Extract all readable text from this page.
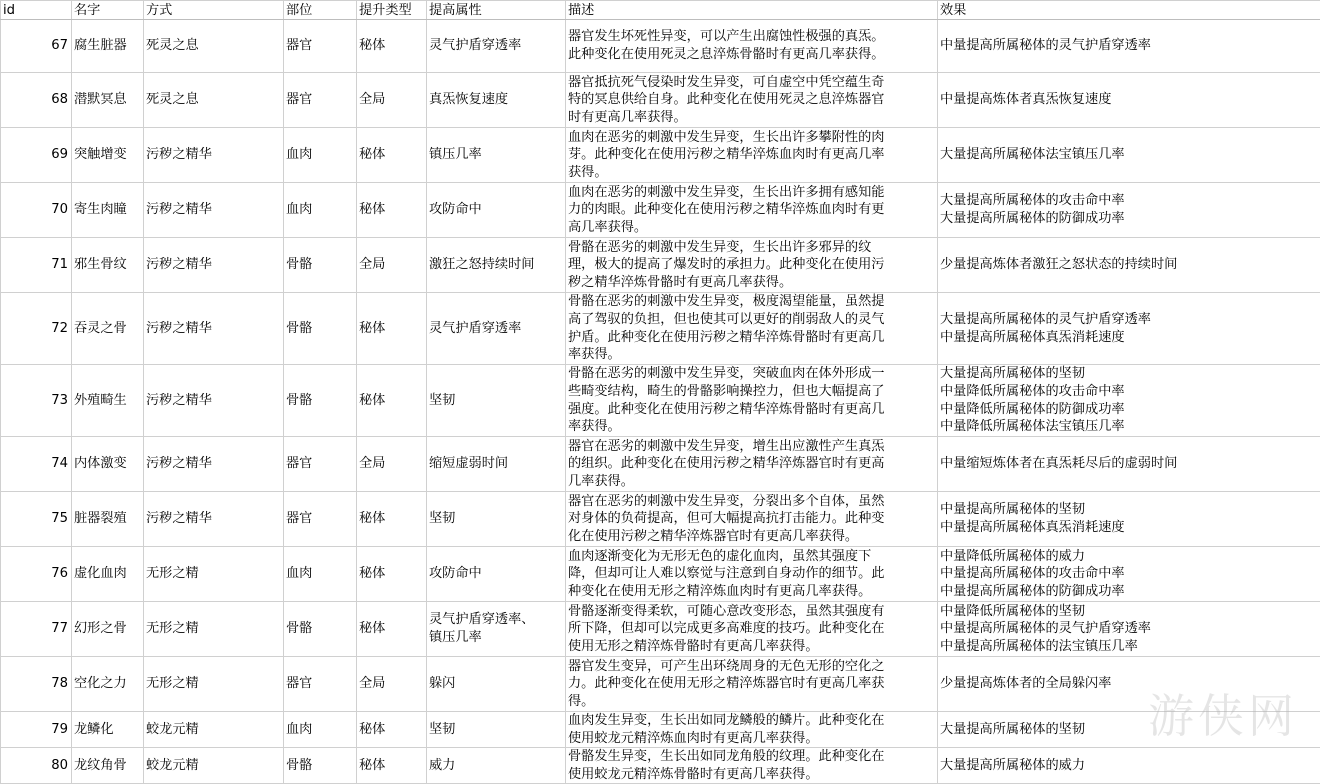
id	名字	方式	部位	提升类型	提高属性	描述	效果
67	腐生脏器	死灵之息	器官	秘体	灵气护盾穿透率	器官发生坏死性异变，可以产生出腐蚀性极强的真炁。
此种变化在使用死灵之息淬炼骨骼时有更高几率获得。	中量提高所属秘体的灵气护盾穿透率
68	潜默冥息	死灵之息	器官	全局	真炁恢复速度	器官抵抗死气侵染时发生异变，可自虚空中凭空蕴生奇
特的冥息供给自身。此种变化在使用死灵之息淬炼器官
时有更高几率获得。	中量提高炼体者真炁恢复速度
69	突触增变	污秽之精华	血肉	秘体	镇压几率	血肉在恶劣的刺激中发生异变，生长出许多攀附性的肉
芽。此种变化在使用污秽之精华淬炼血肉时有更高几率
获得。	大量提高所属秘体法宝镇压几率
70	寄生肉瞳	污秽之精华	血肉	秘体	攻防命中	血肉在恶劣的刺激中发生异变，生长出许多拥有感知能
力的肉眼。此种变化在使用污秽之精华淬炼血肉时有更
高几率获得。	大量提高所属秘体的攻击命中率
大量提高所属秘体的防御成功率
71	邪生骨纹	污秽之精华	骨骼	全局	激狂之怒持续时间	骨骼在恶劣的刺激中发生异变，生长出许多邪异的纹
理，极大的提高了爆发时的承担力。此种变化在使用污
秽之精华淬炼骨骼时有更高几率获得。	少量提高炼体者激狂之怒状态的持续时间
72	吞灵之骨	污秽之精华	骨骼	秘体	灵气护盾穿透率	骨骼在恶劣的刺激中发生异变，极度渴望能量，虽然提
高了驾驭的负担，但也使其可以更好的削弱敌人的灵气
护盾。此种变化在使用污秽之精华淬炼骨骼时有更高几
率获得。	大量提高所属秘体的灵气护盾穿透率
中量提高所属秘体真炁消耗速度
73	外殖畸生	污秽之精华	骨骼	秘体	坚韧	骨骼在恶劣的刺激中发生异变，突破血肉在体外形成一
些畸变结构，畸生的骨骼影响操控力，但也大幅提高了
强度。此种变化在使用污秽之精华淬炼骨骼时有更高几
率获得。	大量提高所属秘体的坚韧
中量降低所属秘体的攻击命中率
中量降低所属秘体的防御成功率
中量降低所属秘体法宝镇压几率
74	内体激变	污秽之精华	器官	全局	缩短虚弱时间	器官在恶劣的刺激中发生异变，增生出应激性产生真炁
的组织。此种变化在使用污秽之精华淬炼器官时有更高
几率获得。	中量缩短炼体者在真炁耗尽后的虚弱时间
75	脏器裂殖	污秽之精华	器官	秘体	坚韧	器官在恶劣的刺激中发生异变，分裂出多个自体，虽然
对身体的负荷提高，但可大幅提高抗打击能力。此种变
化在使用污秽之精华淬炼器官时有更高几率获得。	中量提高所属秘体的坚韧
中量提高所属秘体真炁消耗速度
76	虚化血肉	无形之精	血肉	秘体	攻防命中	血肉逐渐变化为无形无色的虚化血肉，虽然其强度下
降，但却可让人难以察觉与注意到自身动作的细节。此
种变化在使用无形之精淬炼血肉时有更高几率获得。	中量降低所属秘体的威力
中量提高所属秘体的攻击命中率
中量提高所属秘体的防御成功率
77	幻形之骨	无形之精	骨骼	秘体	灵气护盾穿透率、
镇压几率	骨骼逐渐变得柔软，可随心意改变形态，虽然其强度有
所下降，但却可以完成更多高难度的技巧。此种变化在
使用无形之精淬炼骨骼时有更高几率获得。	中量降低所属秘体的坚韧
中量提高所属秘体的灵气护盾穿透率
中量提高所属秘体的法宝镇压几率
78	空化之力	无形之精	器官	全局	躲闪	器官发生变异，可产生出环绕周身的无色无形的空化之
力。此种变化在使用无形之精淬炼器官时有更高几率获
得。	少量提高炼体者的全局躲闪率
79	龙鳞化	蛟龙元精	血肉	秘体	坚韧	血肉发生异变，生长出如同龙鳞般的鳞片。此种变化在
使用蛟龙元精淬炼血肉时有更高几率获得。	大量提高所属秘体的坚韧
80	龙纹角骨	蛟龙元精	骨骼	秘体	威力	骨骼发生异变，生长出如同龙角般的纹理。此种变化在
使用蛟龙元精淬炼骨骼时有更高几率获得。	大量提高所属秘体的威力
游侠网
